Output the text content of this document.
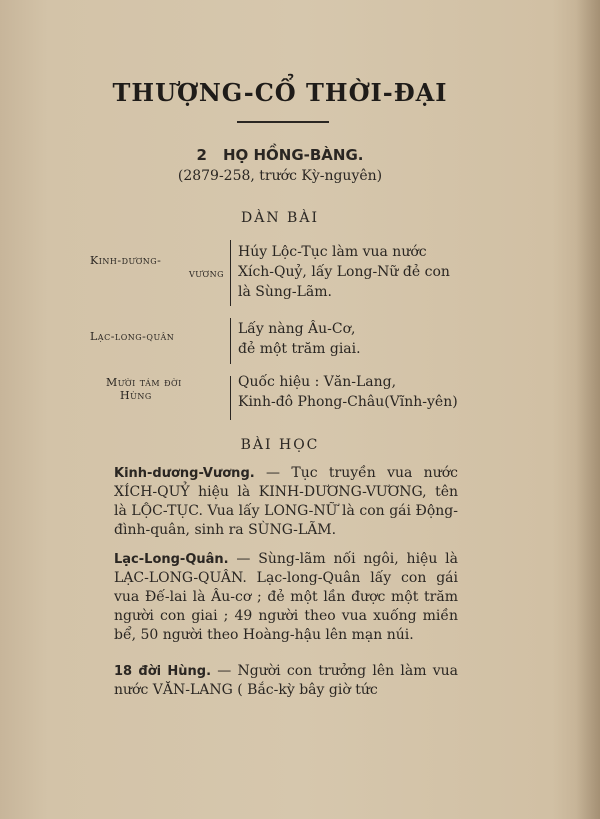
THƯỢNG-CỔ THỜI-ĐẠI
2 HỌ HỒNG-BÀNG.
(2879-258, trước Kỳ-nguyên)
DÀN BÀI
Kinh-dương-
vương
Húy Lộc-Tục làm vua nước
Xích-Quỷ, lấy Long-Nữ đẻ con
là Sùng-Lãm.
Lạc-long-quân	Lấy nàng Âu-Cơ,
đẻ một trăm giai.
Mười tám đời
Hùng
Quốc hiệu : Văn-Lang,
Kinh-đô Phong-Châu(Vĩnh-yên)
BÀI HỌC
Kinh-dương-Vương. — Tục truyền vua nước XÍCH-QUỶ hiệu là KINH-DƯƠNG-VƯƠNG, tên là LỘC-TỤC. Vua lấy LONG-NỮ là con gái Động-đình-quân, sinh ra SÙNG-LÃM.
Lạc-Long-Quân. — Sùng-lãm nối ngôi, hiệu là LẠC-LONG-QUÂN. Lạc-long-Quân lấy con gái vua Đế-lai là Âu-cơ ; đẻ một lần được một trăm người con giai ; 49 người theo vua xuống miền bể, 50 người theo Hoàng-hậu lên mạn núi.
18 đời Hùng. — Người con trưởng lên làm vua nước VĂN-LANG ( Bắc-kỳ bây giờ tức
